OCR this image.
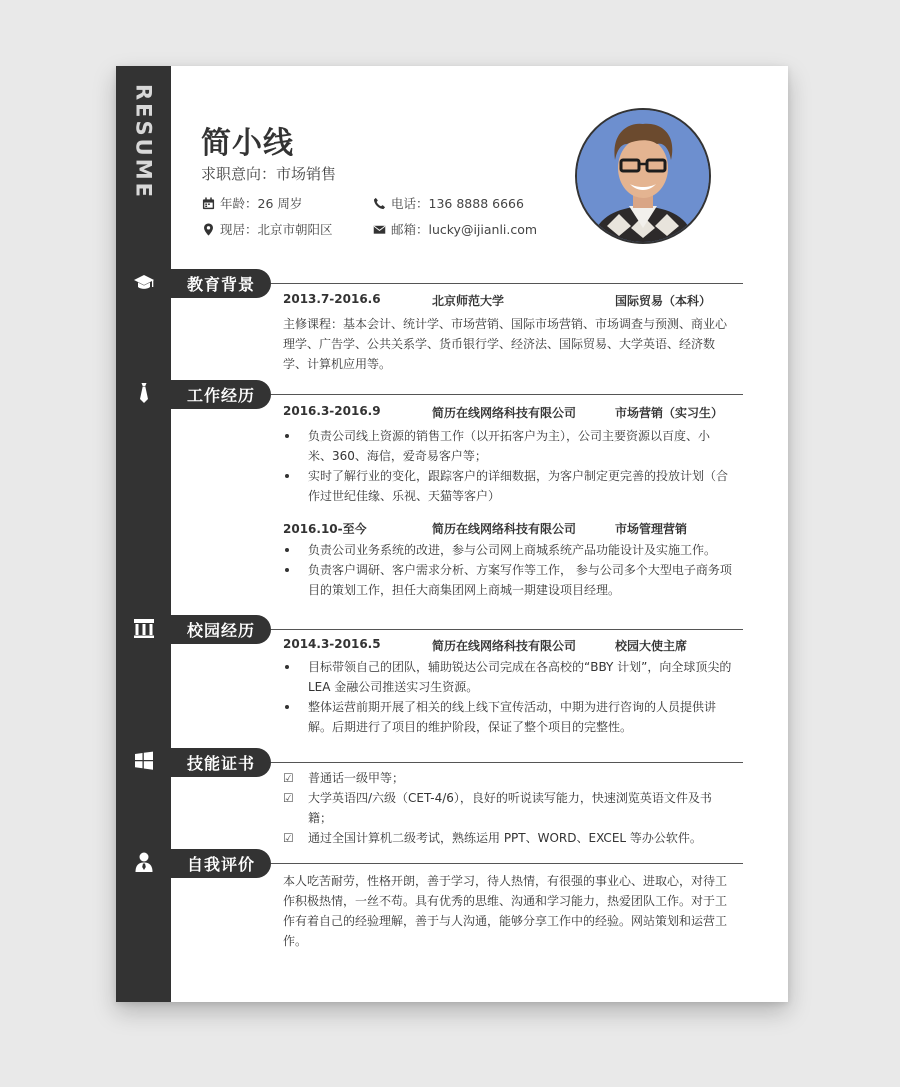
RESUME 简小线
求职意向：市场销售
年龄：26 周岁	电话：136 8888 6666
现居：北京市朝阳区	邮箱：lucky@ijianli.com
教育背景
2013.7-2016.6	北京师范大学	国际贸易（本科）
主修课程：基本会计、统计学、市场营销、国际市场营销、市场调查与预测、商业心理学、广告学、公共关系学、货币银行学、经济法、国际贸易、大学英语、经济数学、计算机应用等。
工作经历
2016.3-2016.9	简历在线网络科技有限公司	市场营销（实习生）
负责公司线上资源的销售工作（以开拓客户为主），公司主要资源以百度、小米、360、海信，爱奇易客户等；
实时了解行业的变化，跟踪客户的详细数据，为客户制定更完善的投放计划（合作过世纪佳缘、乐视、天猫等客户）
2016.10-至今	简历在线网络科技有限公司	市场管理营销
负责公司业务系统的改进，参与公司网上商城系统产品功能设计及实施工作。
负责客户调研、客户需求分析、方案写作等工作， 参与公司多个大型电子商务项目的策划工作，担任大商集团网上商城一期建设项目经理。
校园经历
2014.3-2016.5	简历在线网络科技有限公司	校园大使主席
目标带领自己的团队，辅助锐达公司完成在各高校的“BBY 计划”，向全球顶尖的 LEA 金融公司推送实习生资源。
整体运营前期开展了相关的线上线下宣传活动，中期为进行咨询的人员提供讲解。后期进行了项目的维护阶段，保证了整个项目的完整性。
技能证书
☑ 普通话一级甲等；
☑ 大学英语四/六级（CET-4/6），良好的听说读写能力，快速浏览英语文件及书籍；
☑ 通过全国计算机二级考试，熟练运用 PPT、WORD、EXCEL 等办公软件。
自我评价
本人吃苦耐劳，性格开朗，善于学习，待人热情，有很强的事业心、进取心，对待工作积极热情，一丝不苟。具有优秀的思维、沟通和学习能力，热爱团队工作。对于工作有着自己的经验理解，善于与人沟通，能够分享工作中的经验。网站策划和运营工作。
